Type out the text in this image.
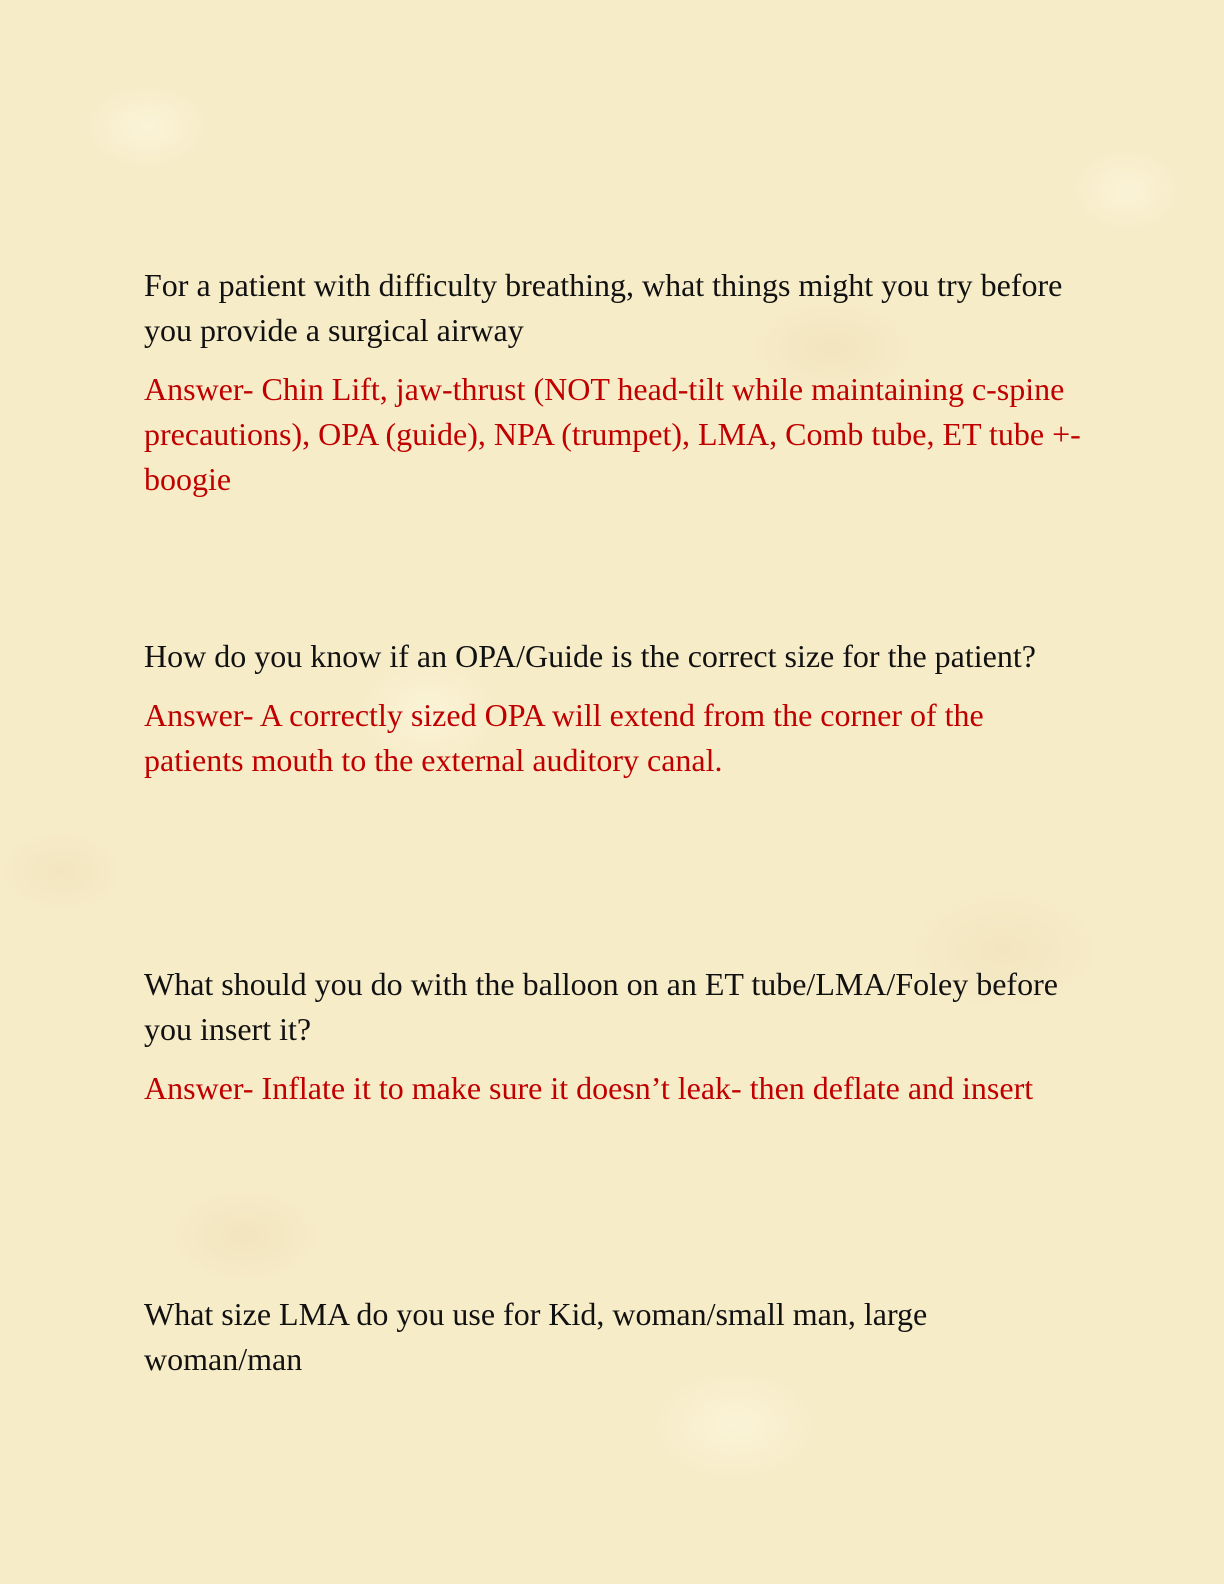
For a patient with difficulty breathing, what things might you try before you provide a surgical airway

Answer- Chin Lift, jaw-thrust (NOT head-tilt while maintaining c-spine precautions), OPA (guide), NPA (trumpet), LMA, Comb tube, ET tube +- boogie

How do you know if an OPA/Guide is the correct size for the patient?

Answer- A correctly sized OPA will extend from the corner of the patients mouth to the external auditory canal.

What should you do with the balloon on an ET tube/LMA/Foley before you insert it?

Answer- Inflate it to make sure it doesn’t leak- then deflate and insert

What size LMA do you use for Kid, woman/small man, large woman/man
